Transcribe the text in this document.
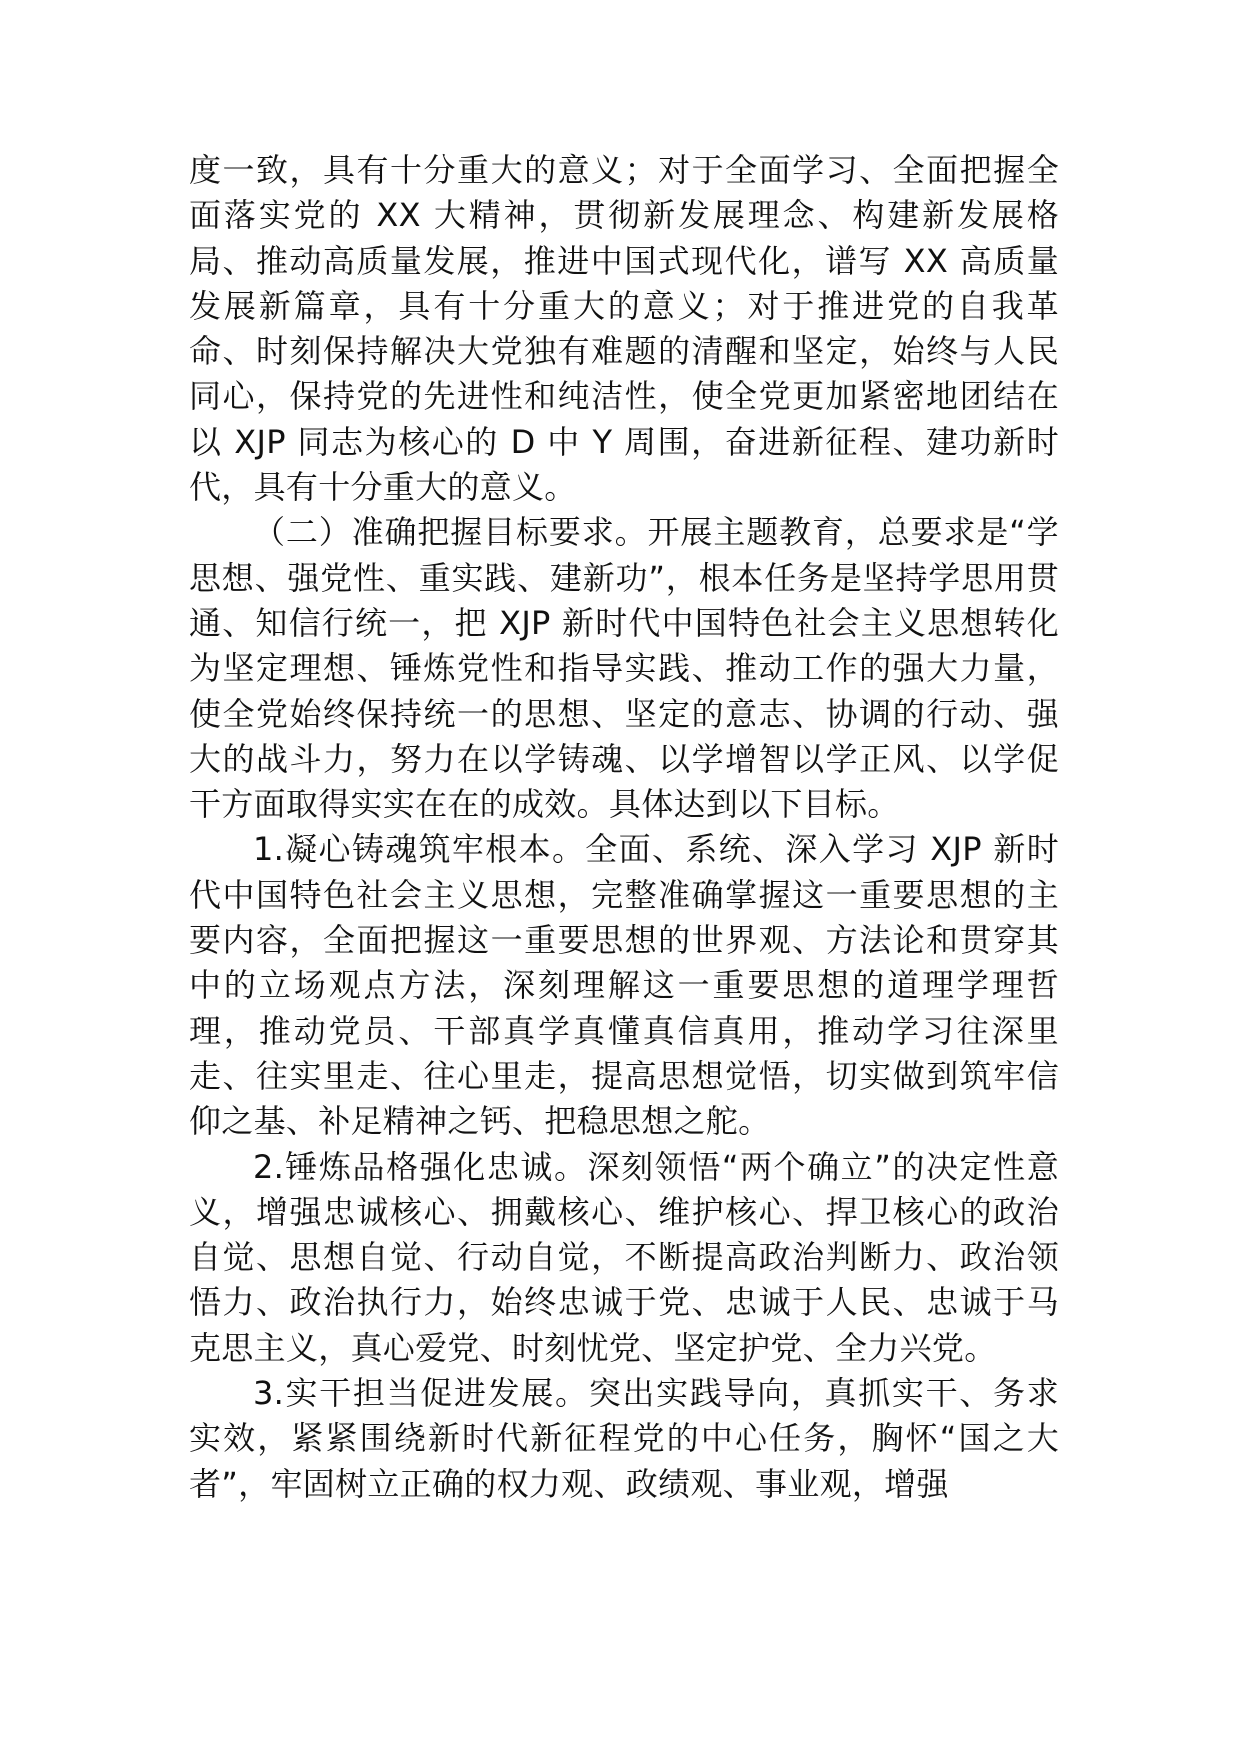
度一致，具有十分重大的意义；对于全面学习、全面把握全面落实党的 XX 大精神，贯彻新发展理念、构建新发展格局、推动高质量发展，推进中国式现代化，谱写 XX 高质量发展新篇章，具有十分重大的意义；对于推进党的自我革命、时刻保持解决大党独有难题的清醒和坚定，始终与人民同心，保持党的先进性和纯洁性，使全党更加紧密地团结在以 XJP 同志为核心的 D 中 Y 周围，奋进新征程、建功新时代，具有十分重大的意义。

（二）准确把握目标要求。开展主题教育，总要求是“学思想、强党性、重实践、建新功”，根本任务是坚持学思用贯通、知信行统一，把 XJP 新时代中国特色社会主义思想转化为坚定理想、锤炼党性和指导实践、推动工作的强大力量，使全党始终保持统一的思想、坚定的意志、协调的行动、强大的战斗力，努力在以学铸魂、以学增智以学正风、以学促干方面取得实实在在的成效。具体达到以下目标。

1.凝心铸魂筑牢根本。全面、系统、深入学习 XJP 新时代中国特色社会主义思想，完整准确掌握这一重要思想的主要内容，全面把握这一重要思想的世界观、方法论和贯穿其中的立场观点方法，深刻理解这一重要思想的道理学理哲理，推动党员、干部真学真懂真信真用，推动学习往深里走、往实里走、往心里走，提高思想觉悟，切实做到筑牢信仰之基、补足精神之钙、把稳思想之舵。

2.锤炼品格强化忠诚。深刻领悟“两个确立”的决定性意义，增强忠诚核心、拥戴核心、维护核心、捍卫核心的政治自觉、思想自觉、行动自觉，不断提高政治判断力、政治领悟力、政治执行力，始终忠诚于党、忠诚于人民、忠诚于马克思主义，真心爱党、时刻忧党、坚定护党、全力兴党。

3.实干担当促进发展。突出实践导向，真抓实干、务求实效，紧紧围绕新时代新征程党的中心任务，胸怀“国之大者”，牢固树立正确的权力观、政绩观、事业观，增强
